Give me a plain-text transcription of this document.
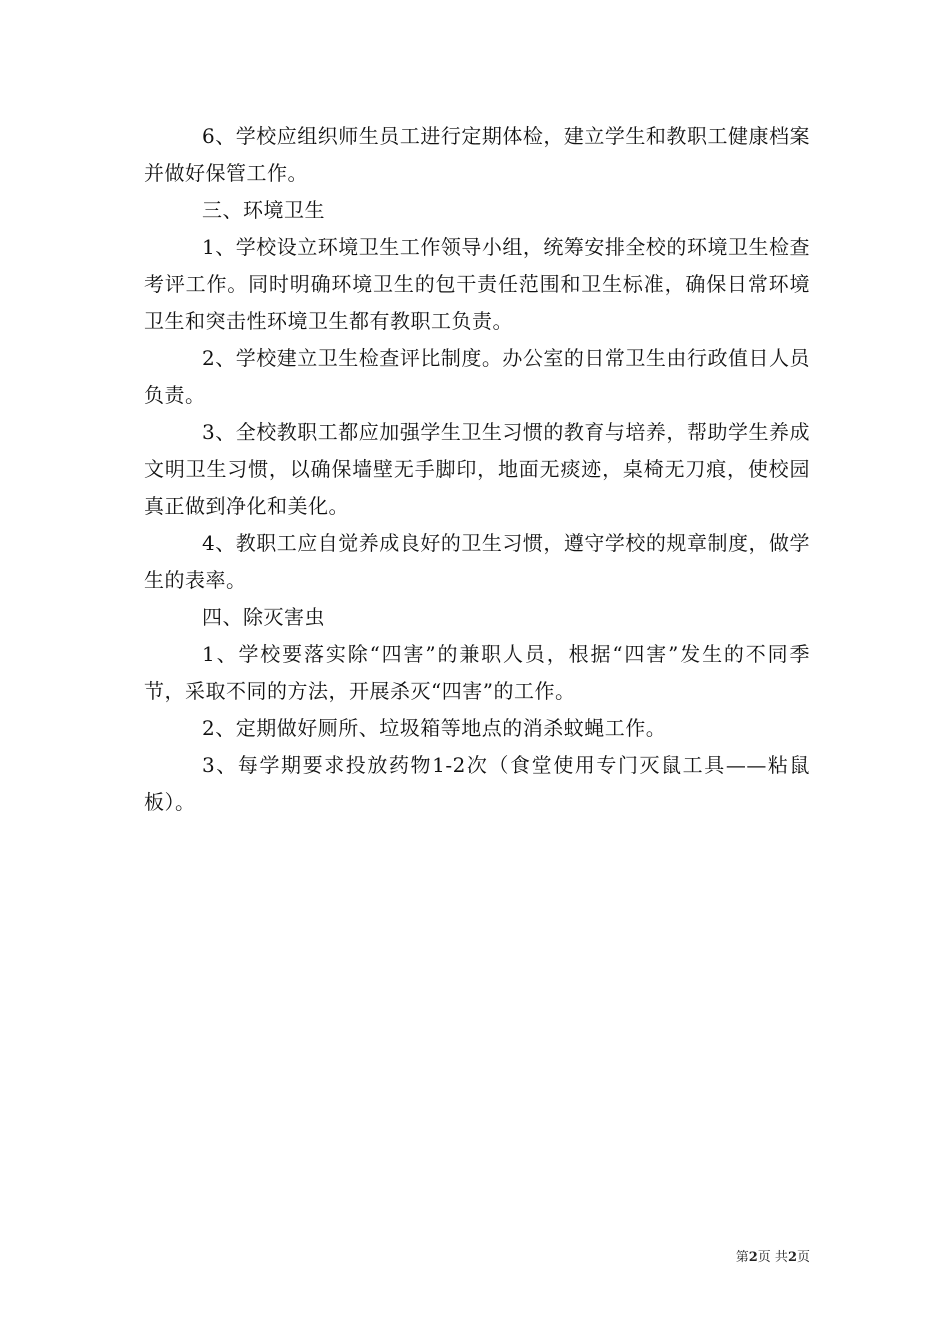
6、学校应组织师生员工进行定期体检，建立学生和教职工健康档案并做好保管工作。

三、环境卫生

1、学校设立环境卫生工作领导小组，统筹安排全校的环境卫生检查考评工作。同时明确环境卫生的包干责任范围和卫生标准，确保日常环境卫生和突击性环境卫生都有教职工负责。

2、学校建立卫生检查评比制度。办公室的日常卫生由行政值日人员负责。

3、全校教职工都应加强学生卫生习惯的教育与培养，帮助学生养成文明卫生习惯，以确保墙壁无手脚印，地面无痰迹，桌椅无刀痕，使校园真正做到净化和美化。

4、教职工应自觉养成良好的卫生习惯，遵守学校的规章制度，做学生的表率。

四、除灭害虫

1、学校要落实除“四害”的兼职人员，根据“四害”发生的不同季节，采取不同的方法，开展杀灭“四害”的工作。

2、定期做好厕所、垃圾箱等地点的消杀蚊蝇工作。

3、每学期要求投放药物1-2次（食堂使用专门灭鼠工具——粘鼠板）。

第2页 共2页
